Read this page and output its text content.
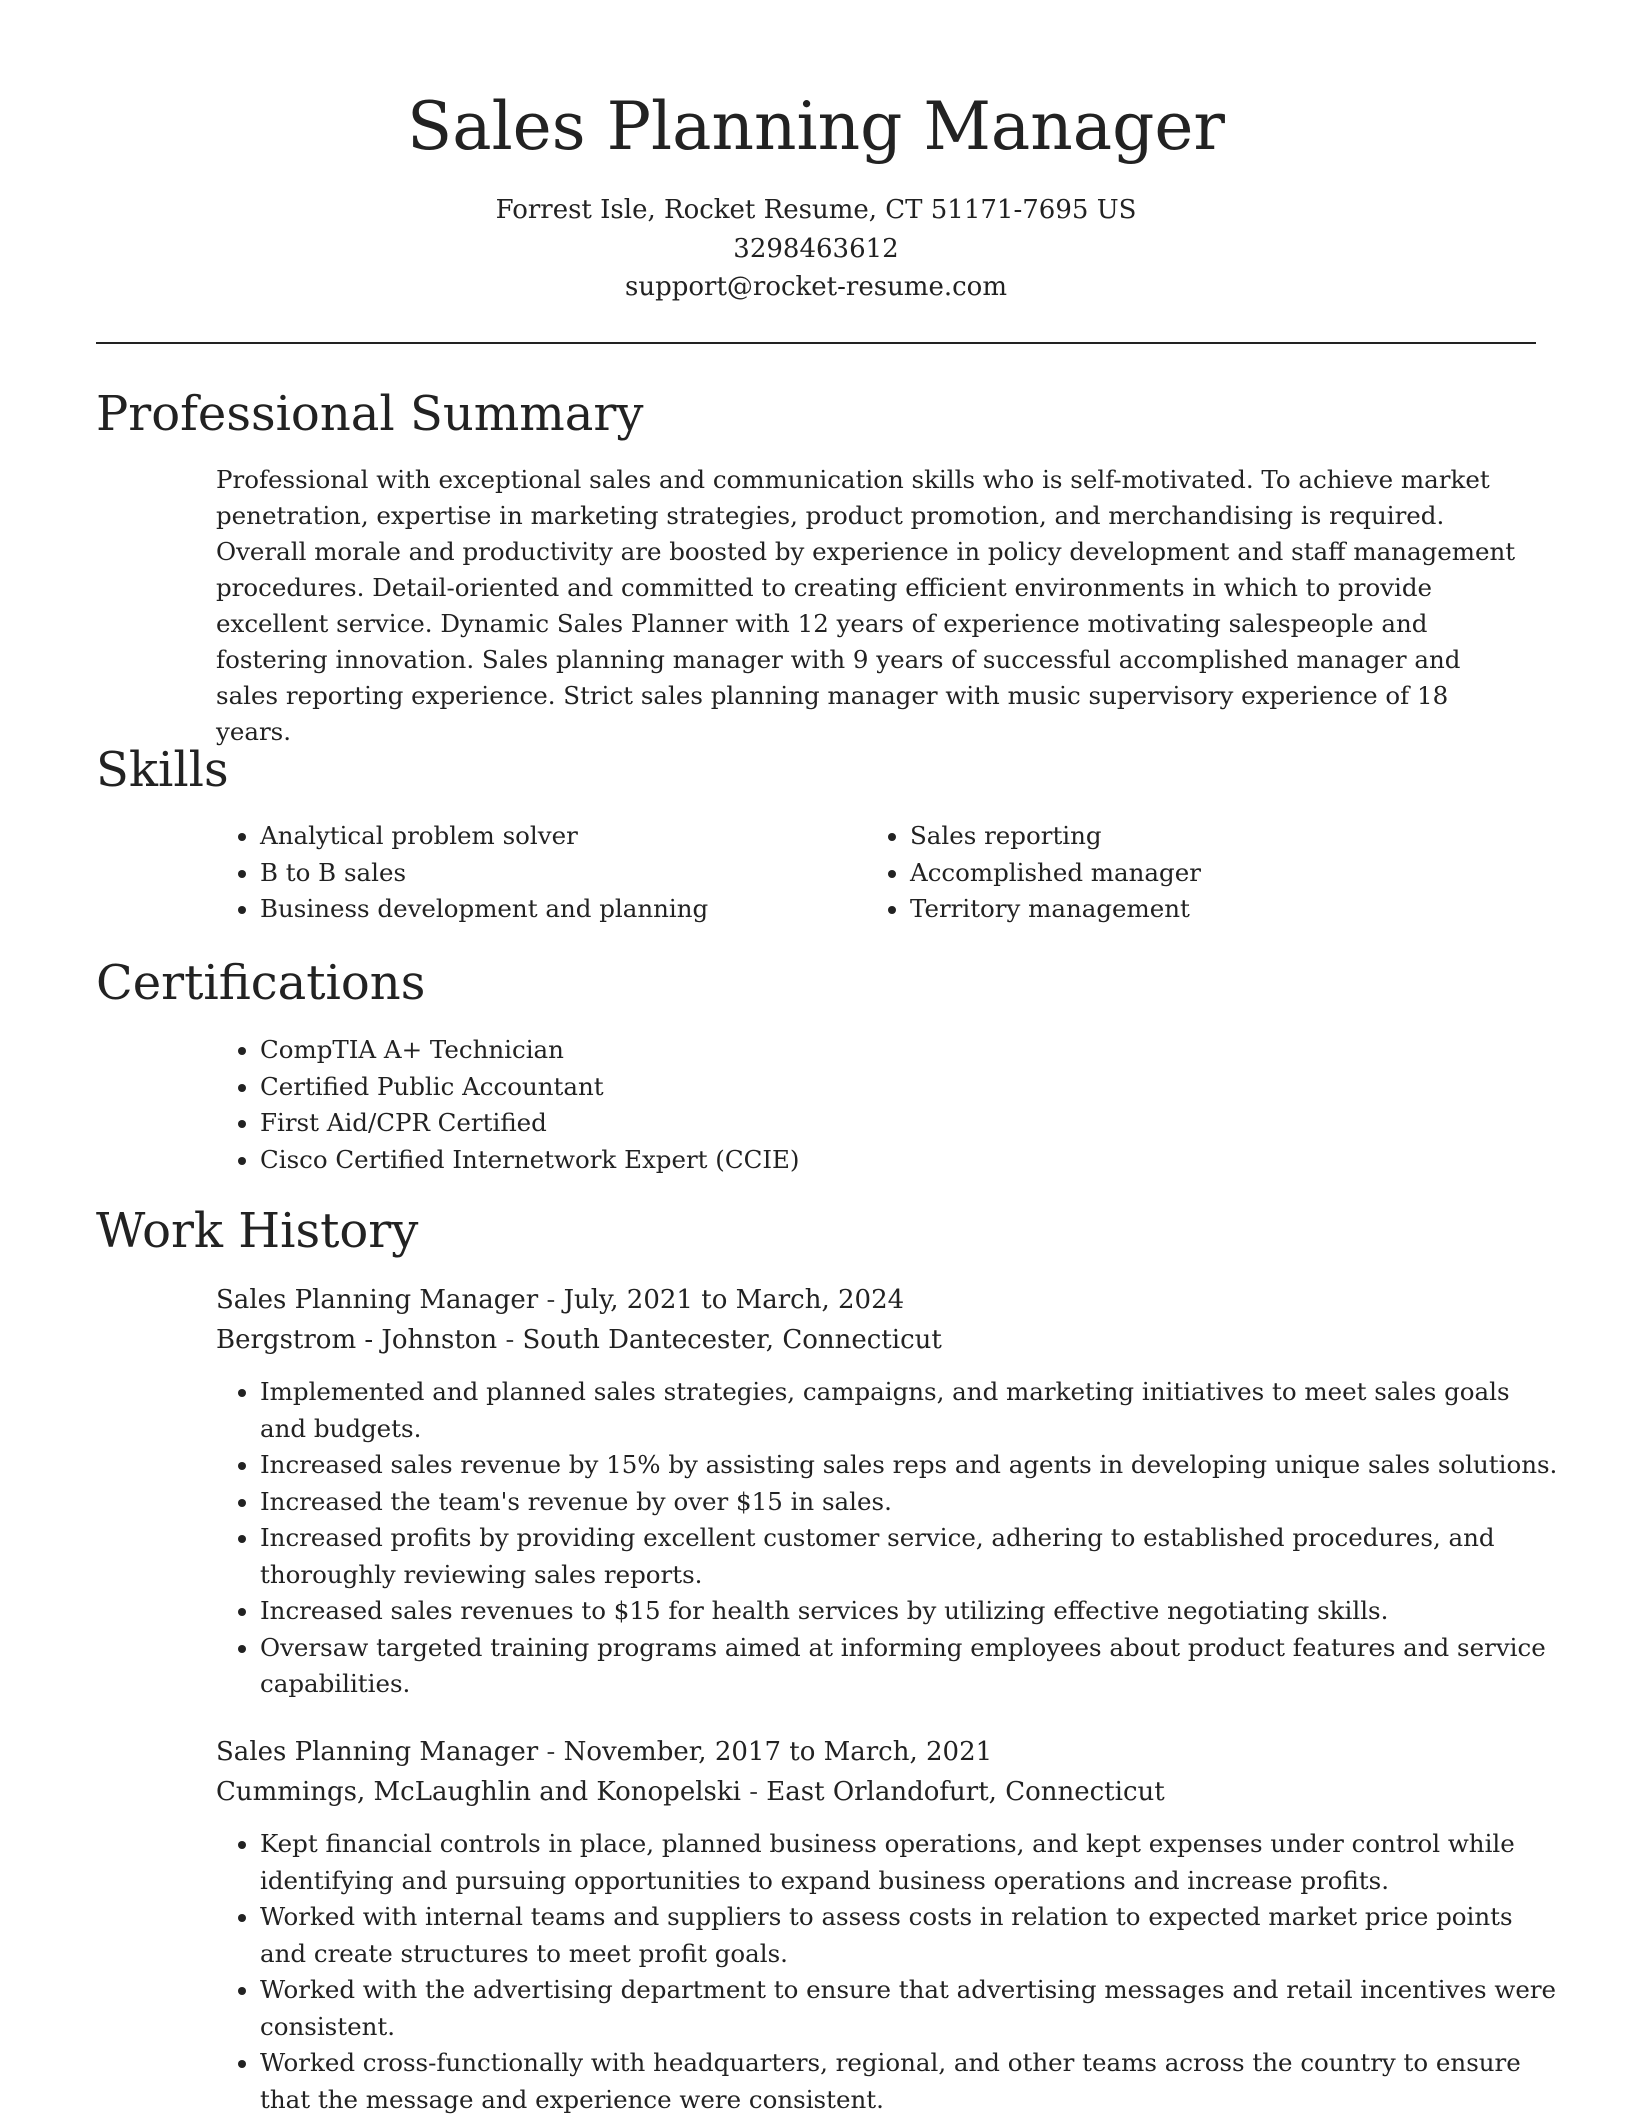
Sales Planning Manager
Forrest Isle, Rocket Resume, CT 51171-7695 US
3298463612
support@rocket-resume.com
Professional Summary

Professional with exceptional sales and communication skills who is self-motivated. To achieve market penetration, expertise in marketing strategies, product promotion, and merchandising is required. Overall morale and productivity are boosted by experience in policy development and staff management procedures. Detail-oriented and committed to creating efficient environments in which to provide excellent service. Dynamic Sales Planner with 12 years of experience motivating salespeople and fostering innovation. Sales planning manager with 9 years of successful accomplished manager and sales reporting experience. Strict sales planning manager with music supervisory experience of 18 years.

Skills
• Analytical problem solver
• B to B sales
• Business development and planning
• Sales reporting
• Accomplished manager
• Territory management
Certifications
• CompTIA A+ Technician
• Certified Public Accountant
• First Aid/CPR Certified
• Cisco Certified Internetwork Expert (CCIE)
Work History
Sales Planning Manager - July, 2021 to March, 2024
Bergstrom - Johnston - South Dantecester, Connecticut
• Implemented and planned sales strategies, campaigns, and marketing initiatives to meet sales goals and budgets.
• Increased sales revenue by 15% by assisting sales reps and agents in developing unique sales solutions.
• Increased the team's revenue by over $15 in sales.
• Increased profits by providing excellent customer service, adhering to established procedures, and thoroughly reviewing sales reports.
• Increased sales revenues to $15 for health services by utilizing effective negotiating skills.
• Oversaw targeted training programs aimed at informing employees about product features and service capabilities.
Sales Planning Manager - November, 2017 to March, 2021
Cummings, McLaughlin and Konopelski - East Orlandofurt, Connecticut
• Kept financial controls in place, planned business operations, and kept expenses under control while identifying and pursuing opportunities to expand business operations and increase profits.
• Worked with internal teams and suppliers to assess costs in relation to expected market price points and create structures to meet profit goals.
• Worked with the advertising department to ensure that advertising messages and retail incentives were consistent.
• Worked cross-functionally with headquarters, regional, and other teams across the country to ensure that the message and experience were consistent.
